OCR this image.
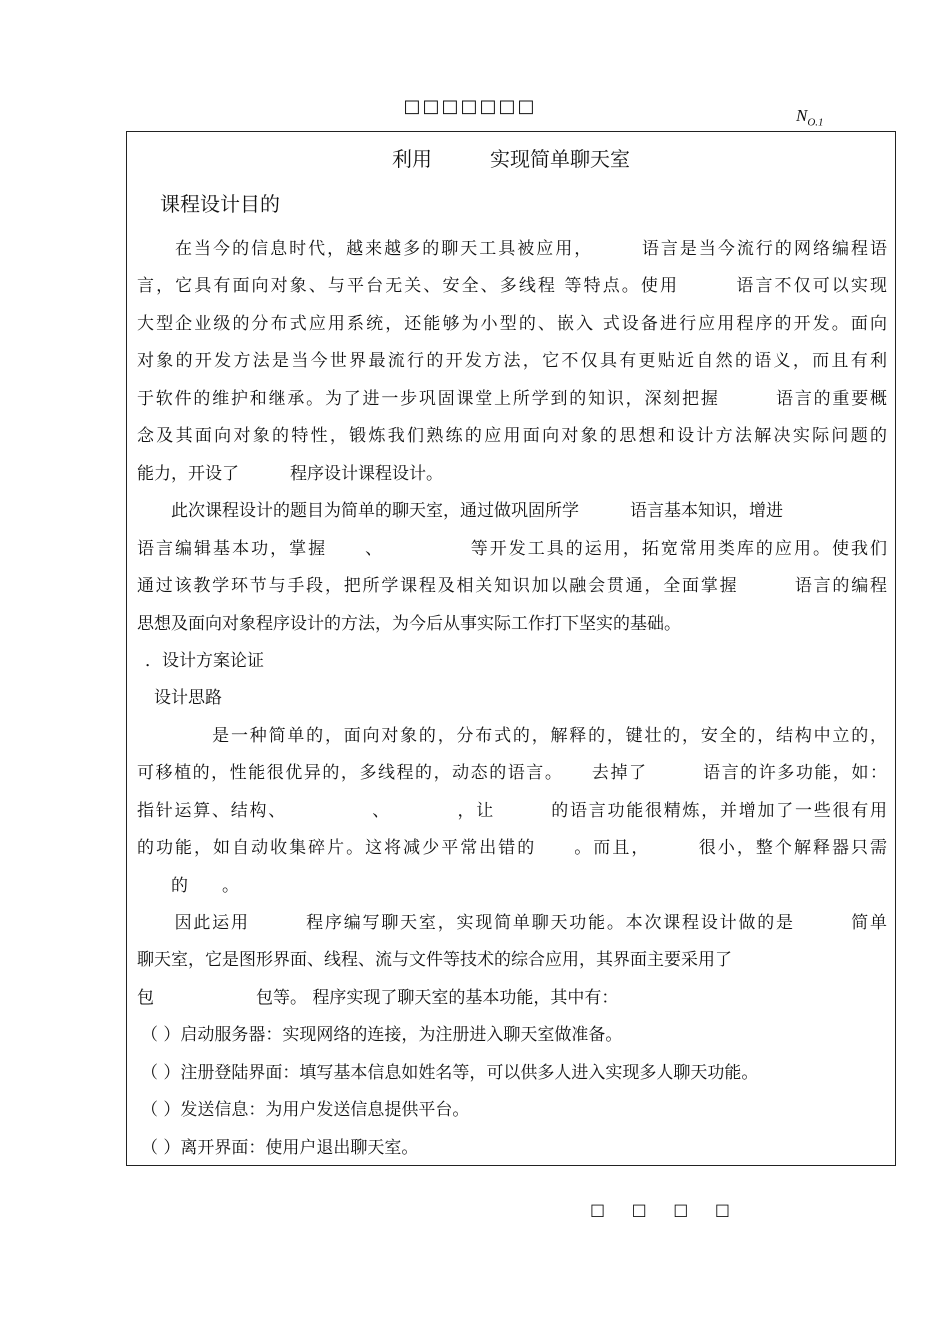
□□□□□□□	$N_{O.1}$
利用	实现简单聊天室
课程设计目的
　　在当今的信息时代，越来越多的聊天工具被应用，　　　语言是当今流行的网络编程语
言，它具有面向对象、与平台无关、安全、多线程 等特点。使用　　　语言不仅可以实现
大型企业级的分布式应用系统，还能够为小型的、嵌入 式设备进行应用程序的开发。面向
对象的开发方法是当今世界最流行的开发方法，它不仅具有更贴近自然的语义，而且有利
于软件的维护和继承。为了进一步巩固课堂上所学到的知识，深刻把握　　　语言的重要概
念及其面向对象的特性，锻炼我们熟练的应用面向对象的思想和设计方法解决实际问题的
能力，开设了　　　程序设计课程设计。
　　此次课程设计的题目为简单的聊天室，通过做巩固所学　　　语言基本知识，增进　　　
语言编辑基本功，掌握　　、　　　　　等开发工具的运用，拓宽常用类库的应用。使我们
通过该教学环节与手段，把所学课程及相关知识加以融会贯通，全面掌握　　　语言的编程
思想及面向对象程序设计的方法，为今后从事实际工作打下坚实的基础。
．设计方案论证
　设计思路
　　　　是一种简单的，面向对象的，分布式的，解释的，键壮的，安全的，结构中立的，
可移植的，性能很优异的，多线程的，动态的语言。　　去掉了　　　语言的许多功能，如：
指针运算、结构、　　　　　、　　　　，让　　　的语言功能很精炼，并增加了一些很有用
的功能，如自动收集碎片。这将减少平常出错的　　。而且，　　　很小，整个解释器只需
　　的　　。
　　因此运用　　　程序编写聊天室，实现简单聊天功能。本次课程设计做的是　　　简单
聊天室，它是图形界面、线程、流与文件等技术的综合应用，其界面主要采用了
包　　　　　　包等。 程序实现了聊天室的基本功能，其中有：
（ ）启动服务器：实现网络的连接，为注册进入聊天室做准备。
（ ）注册登陆界面：填写基本信息如姓名等，可以供多人进入实现多人聊天功能。
（ ）发送信息：为用户发送信息提供平台。
（ ）离开界面：使用户退出聊天室。
□ □ □ □
